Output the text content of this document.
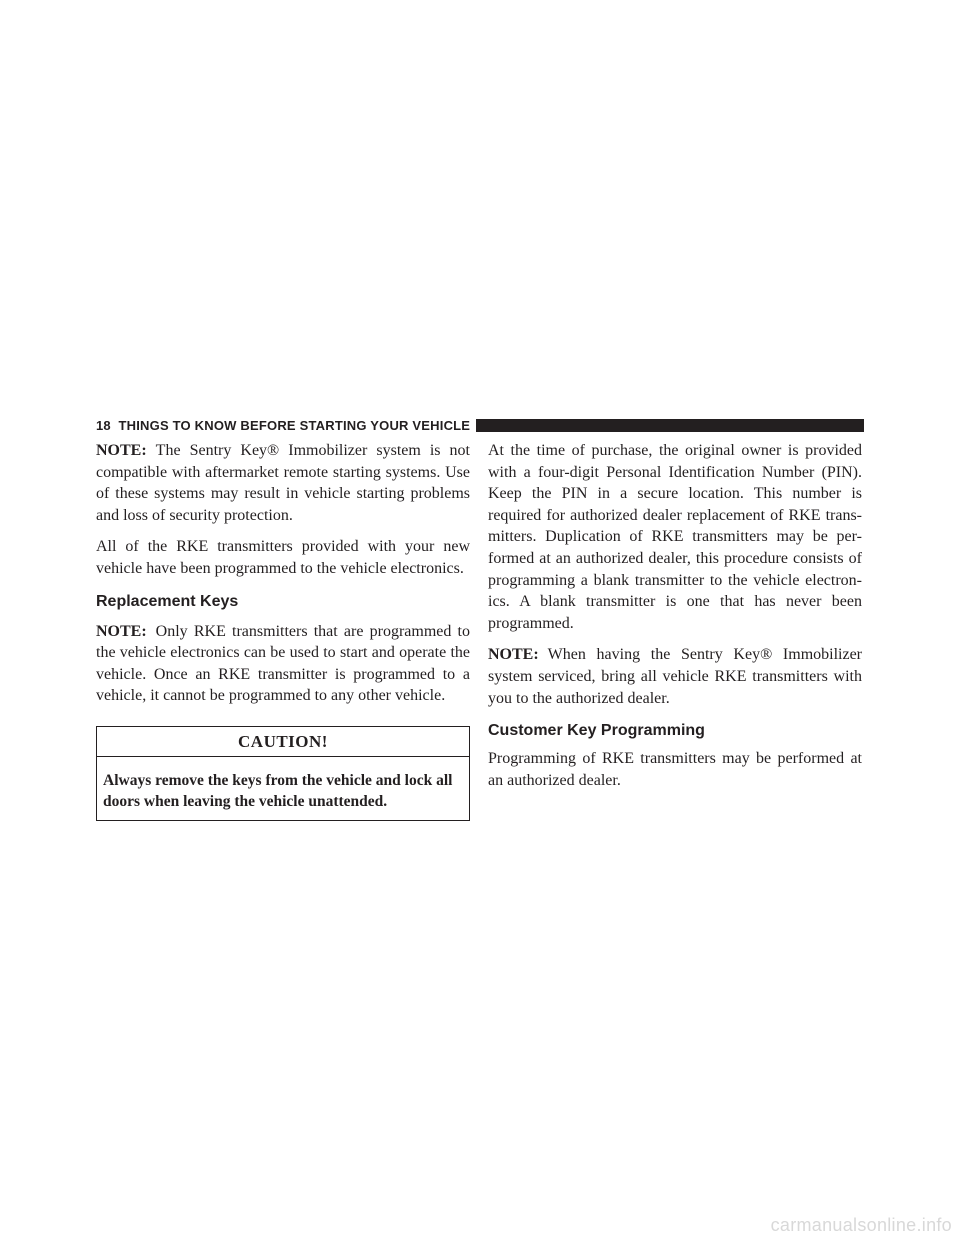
18 THINGS TO KNOW BEFORE STARTING YOUR VEHICLE

NOTE: The Sentry Key® Immobilizer system is not compatible with aftermarket remote starting systems. Use of these systems may result in vehicle starting problems and loss of security protection.

All of the RKE transmitters provided with your new vehicle have been programmed to the vehicle electronics.

Replacement Keys

NOTE: Only RKE transmitters that are programmed to the vehicle electronics can be used to start and operate the vehicle. Once an RKE transmitter is programmed to a vehicle, it cannot be programmed to any other vehicle.

CAUTION!
Always remove the keys from the vehicle and lock all doors when leaving the vehicle unattended.

At the time of purchase, the original owner is provided with a four-digit Personal Identification Number (PIN). Keep the PIN in a secure location. This number is required for authorized dealer replacement of RKE trans-mitters. Duplication of RKE transmitters may be per-formed at an authorized dealer, this procedure consists of programming a blank transmitter to the vehicle electron-ics. A blank transmitter is one that has never been programmed.

NOTE: When having the Sentry Key® Immobilizer system serviced, bring all vehicle RKE transmitters with you to the authorized dealer.

Customer Key Programming

Programming of RKE transmitters may be performed at an authorized dealer.

carmanualsonline.info
